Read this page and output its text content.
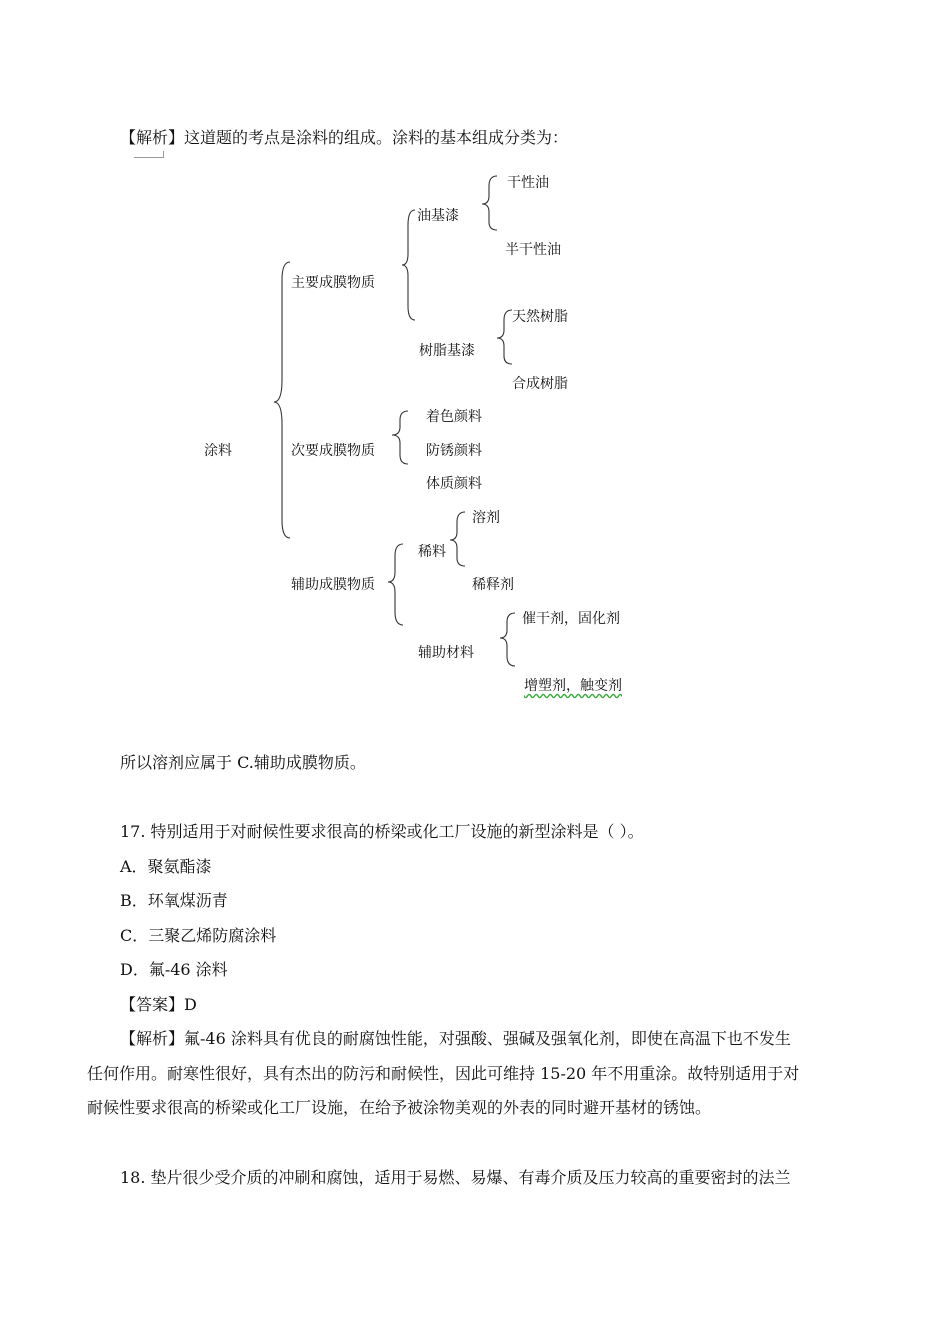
【解析】这道题的考点是涂料的组成。涂料的基本组成分类为：
涂料
主要成膜物质
油基漆
干性油
半干性油
树脂基漆
天然树脂
合成树脂
次要成膜物质
着色颜料
防锈颜料
体质颜料
辅助成膜物质
稀料
溶剂
稀释剂
辅助材料
催干剂，固化剂
增塑剂，触变剂
所以溶剂应属于 C.辅助成膜物质。
17. 特别适用于对耐候性要求很高的桥梁或化工厂设施的新型涂料是（ ）。
A．聚氨酯漆
B．环氧煤沥青
C．三聚乙烯防腐涂料
D．氟-46 涂料
【答案】D
【解析】氟-46 涂料具有优良的耐腐蚀性能，对强酸、强碱及强氧化剂，即使在高温下也不发生
任何作用。耐寒性很好，具有杰出的防污和耐候性，因此可维持 15-20 年不用重涂。故特别适用于对
耐候性要求很高的桥梁或化工厂设施，在给予被涂物美观的外表的同时避开基材的锈蚀。
18. 垫片很少受介质的冲刷和腐蚀，适用于易燃、易爆、有毒介质及压力较高的重要密封的法兰
